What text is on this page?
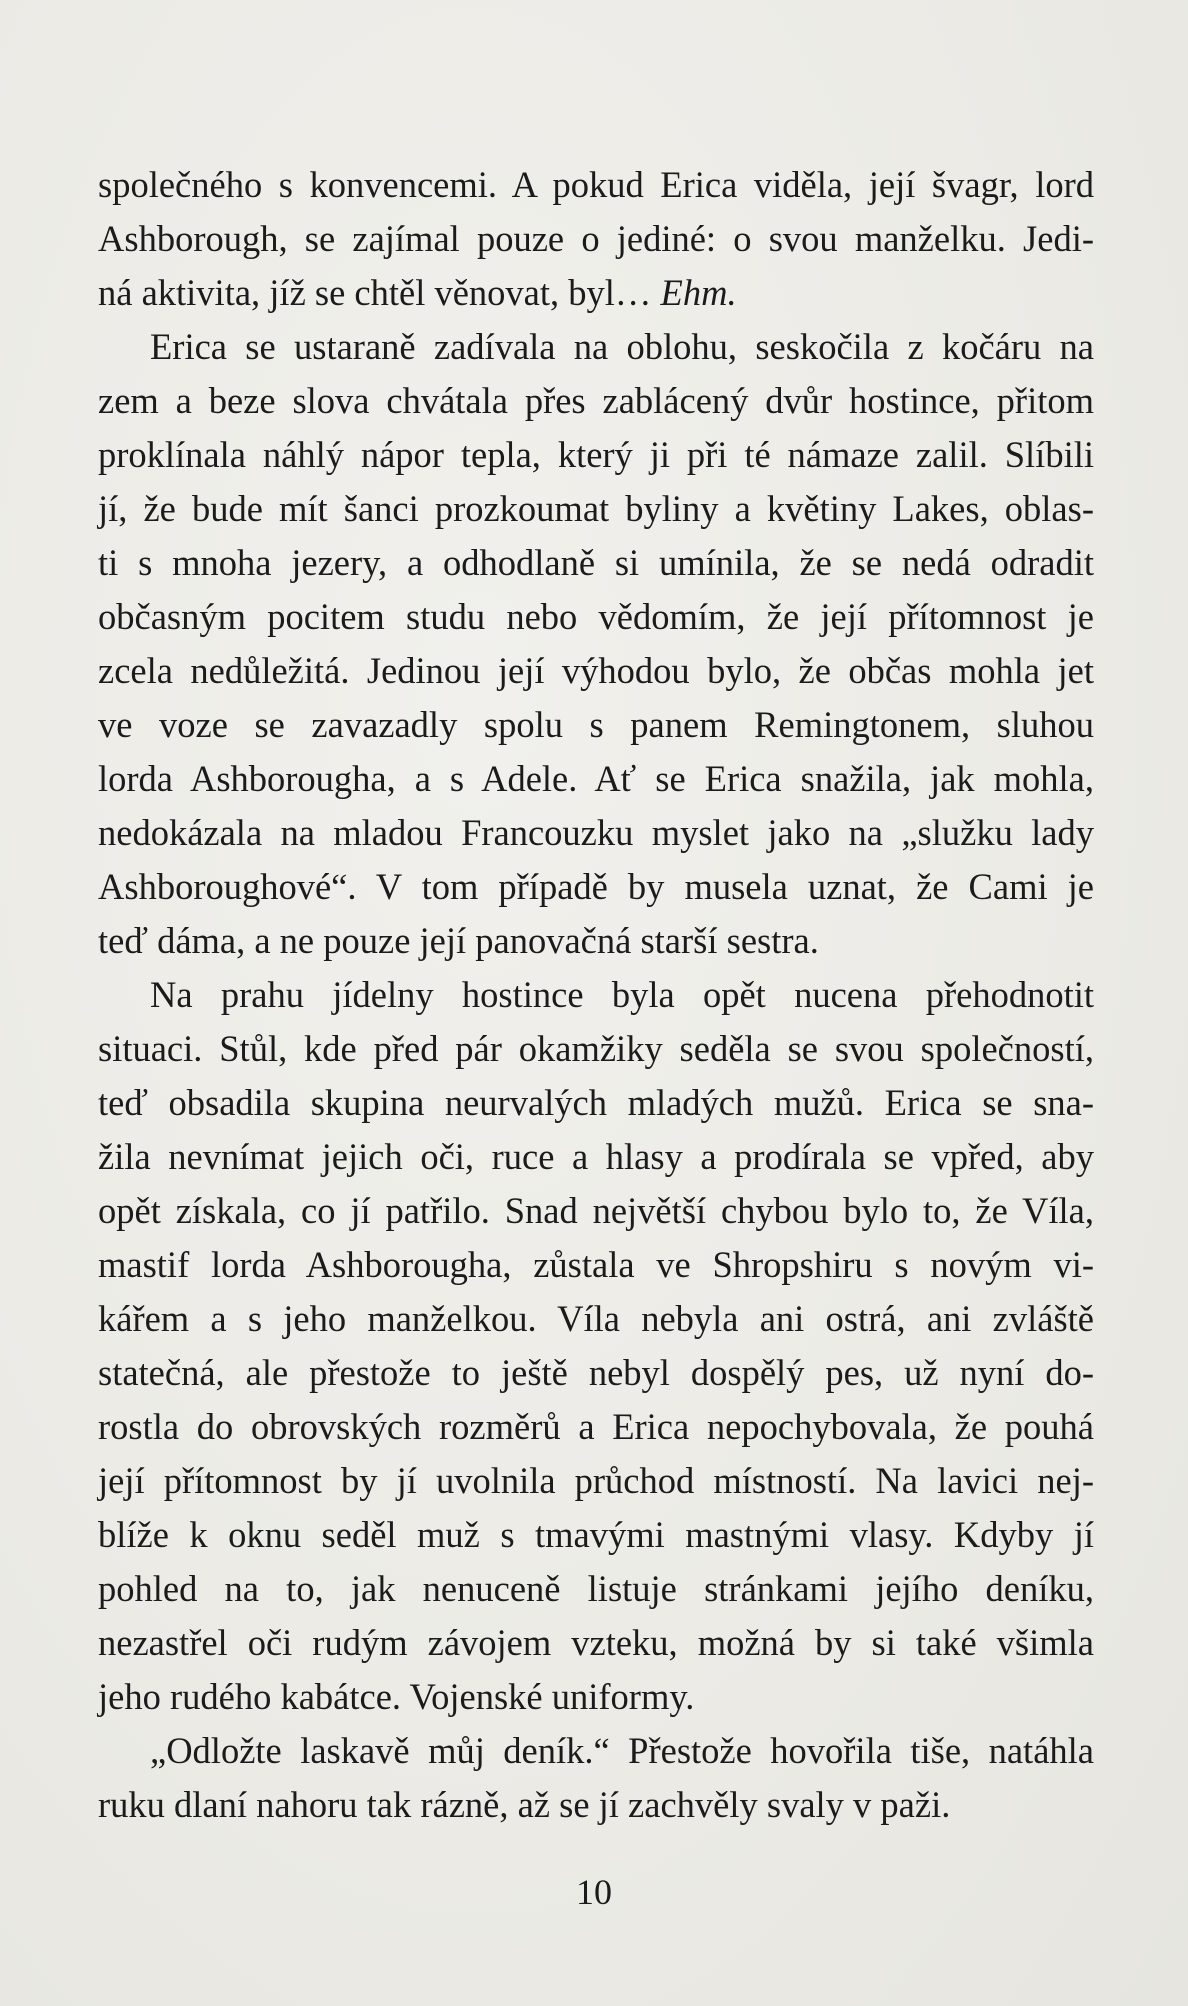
společného s konvencemi. A pokud Erica viděla, její švagr, lord
Ashborough, se zajímal pouze o jediné: o svou manželku. Jedi-
ná aktivita, jíž se chtěl věnovat, byl… Ehm.
Erica se ustaraně zadívala na oblohu, seskočila z kočáru na
zem a beze slova chvátala přes zablácený dvůr hostince, přitom
proklínala náhlý nápor tepla, který ji při té námaze zalil. Slíbili
jí, že bude mít šanci prozkoumat byliny a květiny Lakes, oblas-
ti s mnoha jezery, a odhodlaně si umínila, že se nedá odradit
občasným pocitem studu nebo vědomím, že její přítomnost je
zcela nedůležitá. Jedinou její výhodou bylo, že občas mohla jet
ve voze se zavazadly spolu s panem Remingtonem, sluhou
lorda Ashborougha, a s Adele. Ať se Erica snažila, jak mohla,
nedokázala na mladou Francouzku myslet jako na „služku lady
Ashboroughové“. V tom případě by musela uznat, že Cami je
teď dáma, a ne pouze její panovačná starší sestra.
Na prahu jídelny hostince byla opět nucena přehodnotit
situaci. Stůl, kde před pár okamžiky seděla se svou společností,
teď obsadila skupina neurvalých mladých mužů. Erica se sna-
žila nevnímat jejich oči, ruce a hlasy a prodírala se vpřed, aby
opět získala, co jí patřilo. Snad největší chybou bylo to, že Víla,
mastif lorda Ashborougha, zůstala ve Shropshiru s novým vi-
kářem a s jeho manželkou. Víla nebyla ani ostrá, ani zvláště
statečná, ale přestože to ještě nebyl dospělý pes, už nyní do-
rostla do obrovských rozměrů a Erica nepochybovala, že pouhá
její přítomnost by jí uvolnila průchod místností. Na lavici nej-
blíže k oknu seděl muž s tmavými mastnými vlasy. Kdyby jí
pohled na to, jak nenuceně listuje stránkami jejího deníku,
nezastřel oči rudým závojem vzteku, možná by si také všimla
jeho rudého kabátce. Vojenské uniformy.
„Odložte laskavě můj deník.“ Přestože hovořila tiše, natáhla
ruku dlaní nahoru tak rázně, až se jí zachvěly svaly v paži.
10
